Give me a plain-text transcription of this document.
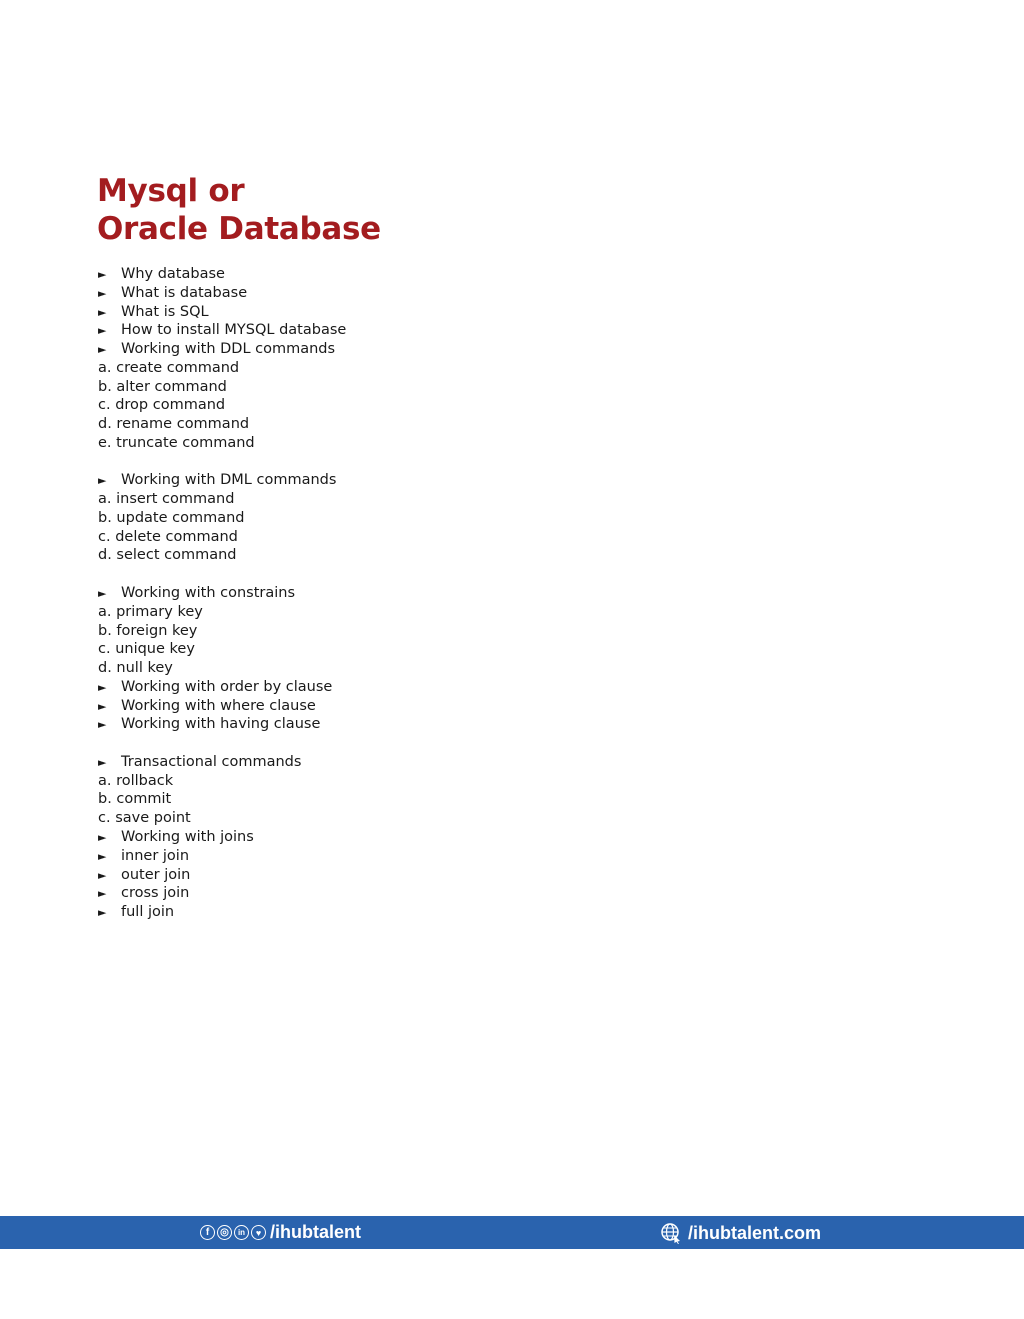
Mysql or
Oracle Database
► Why database
► What is database
► What is SQL
► How to install MYSQL database
► Working with DDL commands
a. create command
b. alter command
c. drop command
d. rename command
e. truncate command
► Working with DML commands
a. insert command
b. update command
c. delete command
d. select command
► Working with constrains
a. primary key
b. foreign key
c. unique key
d. null key
► Working with order by clause
► Working with where clause
► Working with having clause
► Transactional commands
a. rollback
b. commit
c. save point
► Working with joins
► inner join
► outer join
► cross join
► full join
f	◎	in	♥ /ihubtalent	/ihubtalent.com
